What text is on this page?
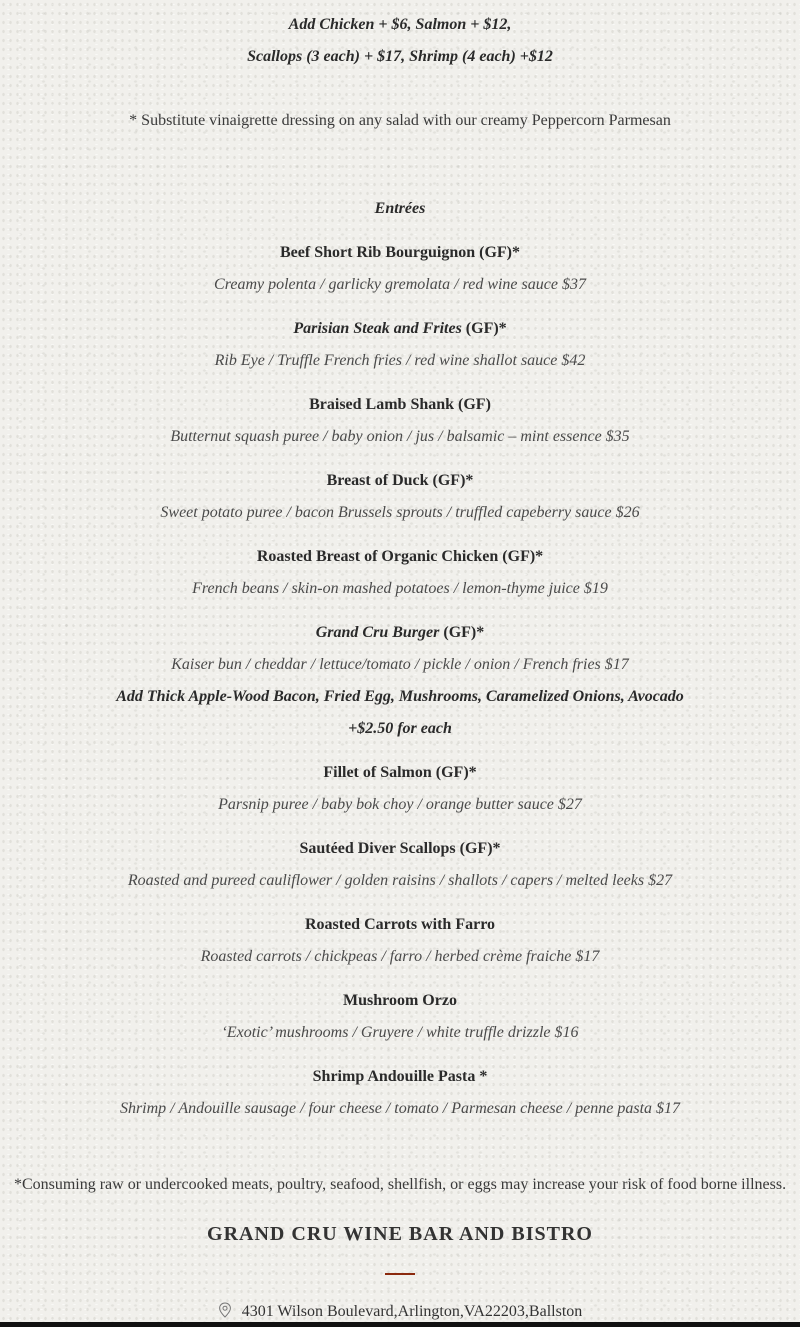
Add Chicken + $6, Salmon + $12,
Scallops (3 each) + $17, Shrimp (4 each) +$12
* Substitute vinaigrette dressing on any salad with our creamy Peppercorn Parmesan
Entrées
Beef Short Rib Bourguignon (GF)*
Creamy polenta / garlicky gremolata / red wine sauce $37
Parisian Steak and Frites (GF)*
Rib Eye / Truffle French fries / red wine shallot sauce $42
Braised Lamb Shank (GF)
Butternut squash puree / baby onion / jus / balsamic – mint essence $35
Breast of Duck (GF)*
Sweet potato puree / bacon Brussels sprouts / truffled capeberry sauce $26
Roasted Breast of Organic Chicken (GF)*
French beans / skin-on mashed potatoes / lemon-thyme juice $19
Grand Cru Burger (GF)*
Kaiser bun / cheddar / lettuce/tomato / pickle / onion / French fries $17
Add Thick Apple-Wood Bacon, Fried Egg, Mushrooms, Caramelized Onions, Avocado
+$2.50 for each
Fillet of Salmon (GF)*
Parsnip puree / baby bok choy / orange butter sauce $27
Sautéed Diver Scallops (GF)*
Roasted and pureed cauliflower / golden raisins / shallots / capers / melted leeks $27
Roasted Carrots with Farro
Roasted carrots / chickpeas / farro / herbed crème fraiche $17
Mushroom Orzo
‘Exotic’ mushrooms / Gruyere / white truffle drizzle $16
Shrimp Andouille Pasta *
Shrimp / Andouille sausage / four cheese / tomato / Parmesan cheese / penne pasta $17
*Consuming raw or undercooked meats, poultry, seafood, shellfish, or eggs may increase your risk of food borne illness.
GRAND CRU WINE BAR AND BISTRO
4301 Wilson Boulevard,Arlington,VA22203,Ballston
